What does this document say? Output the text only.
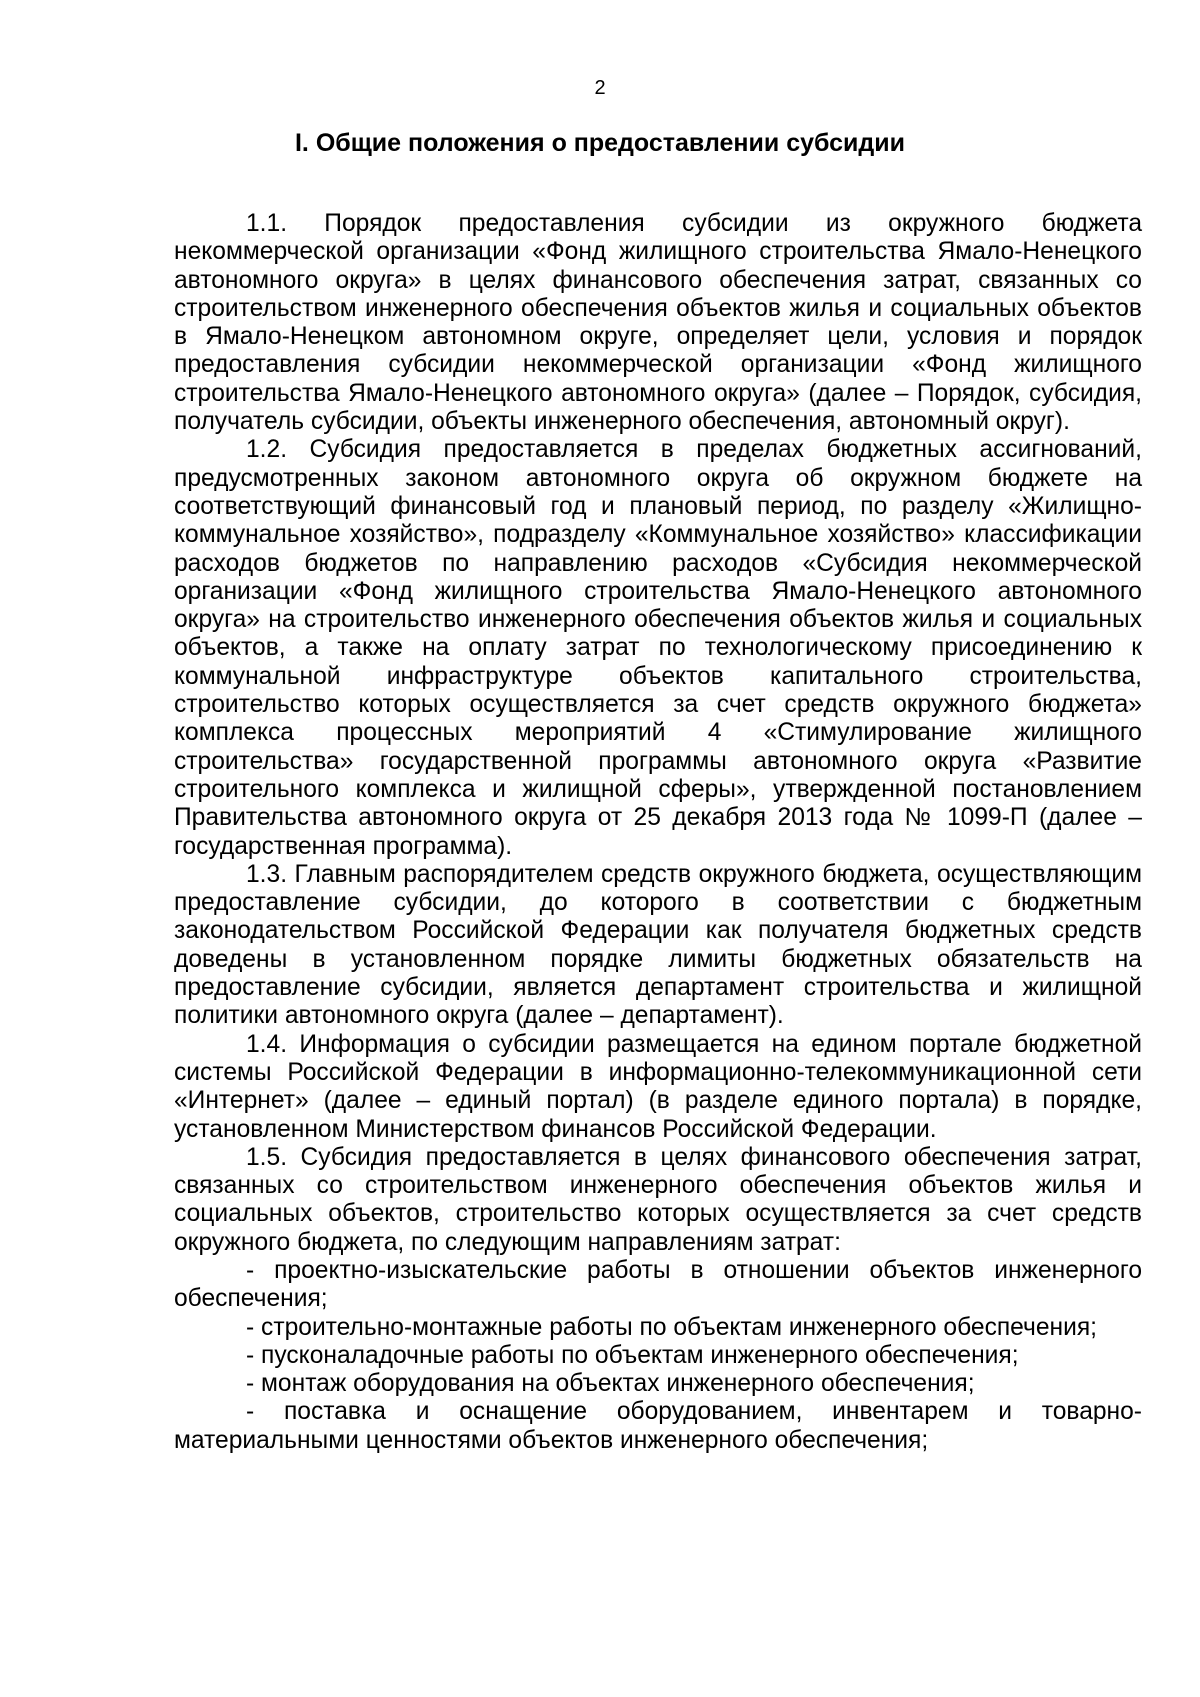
2
I. Общие положения о предоставлении субсидии

1.1. Порядок предоставления субсидии из окружного бюджета некоммерческой организации «Фонд жилищного строительства Ямало-Ненецкого автономного округа» в целях финансового обеспечения затрат, связанных со строительством инженерного обеспечения объектов жилья и социальных объектов в Ямало-Ненецком автономном округе, определяет цели, условия и порядок предоставления субсидии некоммерческой организации «Фонд жилищного строительства Ямало-Ненецкого автономного округа» (далее – Порядок, субсидия, получатель субсидии, объекты инженерного обеспечения, автономный округ).

1.2. Субсидия предоставляется в пределах бюджетных ассигнований, предусмотренных законом автономного округа об окружном бюджете на соответствующий финансовый год и плановый период, по разделу «Жилищно-коммунальное хозяйство», подразделу «Коммунальное хозяйство» классификации расходов бюджетов по направлению расходов «Субсидия некоммерческой организации «Фонд жилищного строительства Ямало-Ненецкого автономного округа» на строительство инженерного обеспечения объектов жилья и социальных объектов, а также на оплату затрат по технологическому присоединению к коммунальной инфраструктуре объектов капитального строительства, строительство которых осуществляется за счет средств окружного бюджета» комплекса процессных мероприятий 4 «Стимулирование жилищного строительства» государственной программы автономного округа «Развитие строительного комплекса и жилищной сферы», утвержденной постановлением Правительства автономного округа от 25 декабря 2013 года № 1099-П (далее – государственная программа).

1.3. Главным распорядителем средств окружного бюджета, осуществляющим предоставление субсидии, до которого в соответствии с бюджетным законодательством Российской Федерации как получателя бюджетных средств доведены в установленном порядке лимиты бюджетных обязательств на предоставление субсидии, является департамент строительства и жилищной политики автономного округа (далее – департамент).

1.4. Информация о субсидии размещается на едином портале бюджетной системы Российской Федерации в информационно-телекоммуникационной сети «Интернет» (далее – единый портал) (в разделе единого портала) в порядке, установленном Министерством финансов Российской Федерации.

1.5. Субсидия предоставляется в целях финансового обеспечения затрат, связанных со строительством инженерного обеспечения объектов жилья и социальных объектов, строительство которых осуществляется за счет средств окружного бюджета, по следующим направлениям затрат:

- проектно-изыскательские работы в отношении объектов инженерного обеспечения;

- строительно-монтажные работы по объектам инженерного обеспечения;

- пусконаладочные работы по объектам инженерного обеспечения;

- монтаж оборудования на объектах инженерного обеспечения;

- поставка и оснащение оборудованием, инвентарем и товарно-материальными ценностями объектов инженерного обеспечения;
